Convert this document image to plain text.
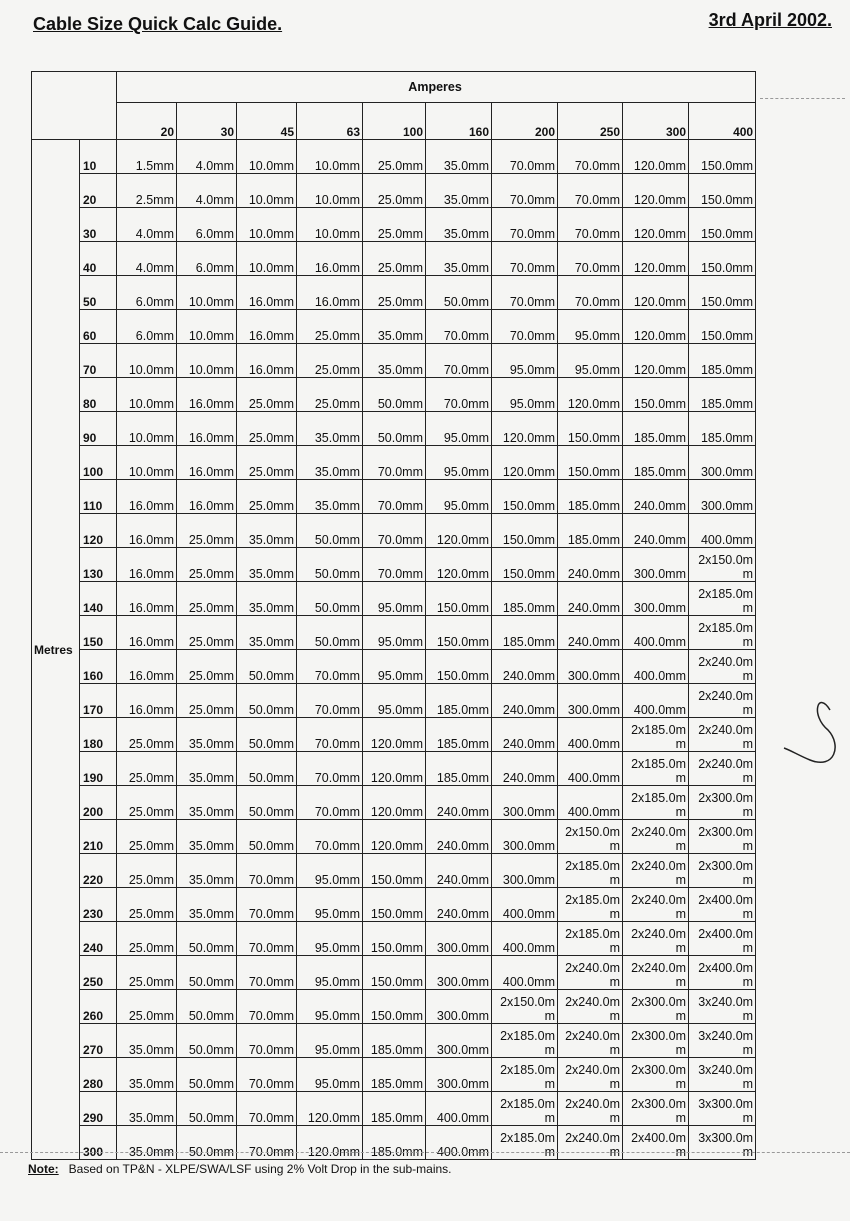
Cable Size Quick Calc Guide.	3rd April 2002.
		Amperes									
		20	30	45	63	100	160	200	250	300	400
Metres	10	1.5mm	4.0mm	10.0mm	10.0mm	25.0mm	35.0mm	70.0mm	70.0mm	120.0mm	150.0mm
	20	2.5mm	4.0mm	10.0mm	10.0mm	25.0mm	35.0mm	70.0mm	70.0mm	120.0mm	150.0mm
	30	4.0mm	6.0mm	10.0mm	10.0mm	25.0mm	35.0mm	70.0mm	70.0mm	120.0mm	150.0mm
	40	4.0mm	6.0mm	10.0mm	16.0mm	25.0mm	35.0mm	70.0mm	70.0mm	120.0mm	150.0mm
	50	6.0mm	10.0mm	16.0mm	16.0mm	25.0mm	50.0mm	70.0mm	70.0mm	120.0mm	150.0mm
	60	6.0mm	10.0mm	16.0mm	25.0mm	35.0mm	70.0mm	70.0mm	95.0mm	120.0mm	150.0mm
	70	10.0mm	10.0mm	16.0mm	25.0mm	35.0mm	70.0mm	95.0mm	95.0mm	120.0mm	185.0mm
	80	10.0mm	16.0mm	25.0mm	25.0mm	50.0mm	70.0mm	95.0mm	120.0mm	150.0mm	185.0mm
	90	10.0mm	16.0mm	25.0mm	35.0mm	50.0mm	95.0mm	120.0mm	150.0mm	185.0mm	185.0mm
	100	10.0mm	16.0mm	25.0mm	35.0mm	70.0mm	95.0mm	120.0mm	150.0mm	185.0mm	300.0mm
	110	16.0mm	16.0mm	25.0mm	35.0mm	70.0mm	95.0mm	150.0mm	185.0mm	240.0mm	300.0mm
	120	16.0mm	25.0mm	35.0mm	50.0mm	70.0mm	120.0mm	150.0mm	185.0mm	240.0mm	400.0mm
	130	16.0mm	25.0mm	35.0mm	50.0mm	70.0mm	120.0mm	150.0mm	240.0mm	300.0mm	2x150.0mm
	140	16.0mm	25.0mm	35.0mm	50.0mm	95.0mm	150.0mm	185.0mm	240.0mm	300.0mm	2x185.0mm
	150	16.0mm	25.0mm	35.0mm	50.0mm	95.0mm	150.0mm	185.0mm	240.0mm	400.0mm	2x185.0mm
	160	16.0mm	25.0mm	50.0mm	70.0mm	95.0mm	150.0mm	240.0mm	300.0mm	400.0mm	2x240.0mm
	170	16.0mm	25.0mm	50.0mm	70.0mm	95.0mm	185.0mm	240.0mm	300.0mm	400.0mm	2x240.0mm
	180	25.0mm	35.0mm	50.0mm	70.0mm	120.0mm	185.0mm	240.0mm	400.0mm	2x185.0mm	2x240.0mm
	190	25.0mm	35.0mm	50.0mm	70.0mm	120.0mm	185.0mm	240.0mm	400.0mm	2x185.0mm	2x240.0mm
	200	25.0mm	35.0mm	50.0mm	70.0mm	120.0mm	240.0mm	300.0mm	400.0mm	2x185.0mm	2x300.0mm
	210	25.0mm	35.0mm	50.0mm	70.0mm	120.0mm	240.0mm	300.0mm	2x150.0mm	2x240.0mm	2x300.0mm
	220	25.0mm	35.0mm	70.0mm	95.0mm	150.0mm	240.0mm	300.0mm	2x185.0mm	2x240.0mm	2x300.0mm
	230	25.0mm	35.0mm	70.0mm	95.0mm	150.0mm	240.0mm	400.0mm	2x185.0mm	2x240.0mm	2x400.0mm
	240	25.0mm	50.0mm	70.0mm	95.0mm	150.0mm	300.0mm	400.0mm	2x185.0mm	2x240.0mm	2x400.0mm
	250	25.0mm	50.0mm	70.0mm	95.0mm	150.0mm	300.0mm	400.0mm	2x240.0mm	2x240.0mm	2x400.0mm
	260	25.0mm	50.0mm	70.0mm	95.0mm	150.0mm	300.0mm	2x150.0mm	2x240.0mm	2x300.0mm	3x240.0mm
	270	35.0mm	50.0mm	70.0mm	95.0mm	185.0mm	300.0mm	2x185.0mm	2x240.0mm	2x300.0mm	3x240.0mm
	280	35.0mm	50.0mm	70.0mm	95.0mm	185.0mm	300.0mm	2x185.0mm	2x240.0mm	2x300.0mm	3x240.0mm
	290	35.0mm	50.0mm	70.0mm	120.0mm	185.0mm	400.0mm	2x185.0mm	2x240.0mm	2x300.0mm	3x300.0mm
	300	35.0mm	50.0mm	70.0mm	120.0mm	185.0mm	400.0mm	2x185.0mm	2x240.0mm	2x400.0mm	3x300.0mm
Note: Based on TP&N - XLPE/SWA/LSF using 2% Volt Drop in the sub-mains.
